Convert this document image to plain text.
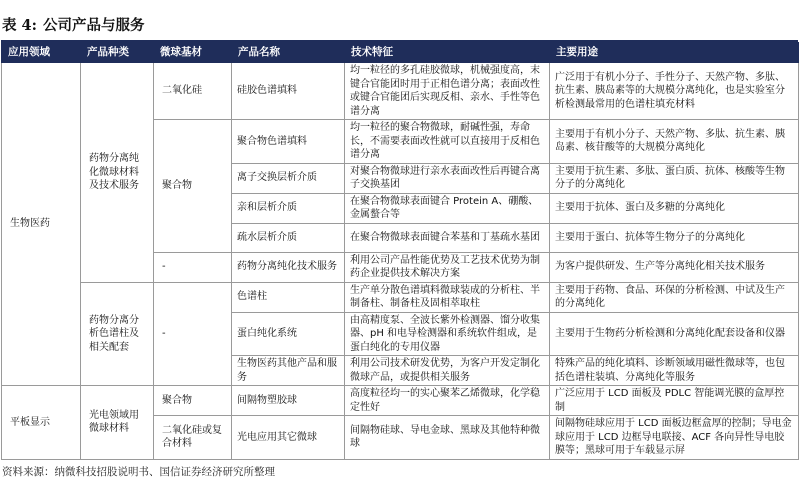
表 4: 公司产品与服务
应用领域	产品种类	微球基材	产品名称	技术特征	主要用途
生物医药	药物分离纯化微球材料及技术服务	二氧化硅	硅胶色谱填料	均一粒径的多孔硅胶微球，机械强度高，末键合官能团时用于正相色谱分离；表面改性或键合官能团后实现反相、亲水、手性等色谱分离	广泛用于有机小分子、手性分子、天然产物、多肽、抗生素、胰岛素等的大规模分离纯化，也是实验室分析检测最常用的色谱柱填充材料
		聚合物	聚合物色谱填料	均一粒径的聚合物微球，耐碱性强，寿命长，不需要表面改性就可以直接用于反相色谱分离	主要用于有机小分子、天然产物、多肽、抗生素、胰岛素、核苷酸等的大规模分离纯化
			离子交换层析介质	对聚合物微球进行亲水表面改性后再键合离子交换基团	主要用于抗生素、多肽、蛋白质、抗体、核酸等生物分子的分离纯化
			亲和层析介质	在聚合物微球表面键合 Protein A、硼酸、金属螯合等	主要用于抗体、蛋白及多糖的分离纯化
			疏水层析介质	在聚合物微球表面键合苯基和丁基疏水基团	主要用于蛋白、抗体等生物分子的分离纯化
		-	药物分离纯化技术服务	利用公司产品性能优势及工艺技术优势为制药企业提供技术解决方案	为客户提供研发、生产等分离纯化相关技术服务
	药物分离分析色谱柱及相关配套	-	色谱柱	生产单分散色谱填料微球装成的分析柱、半制备柱、制备柱及固相萃取柱	主要用于药物、食品、环保的分析检测、中试及生产的分离纯化
			蛋白纯化系统	由高精度泵、全波长紫外检测器、馏分收集器、pH 和电导检测器和系统软件组成，是蛋白纯化的专用仪器	主要用于生物药分析检测和分离纯化配套设备和仪器
			生物医药其他产品和服务	利用公司技术研发优势，为客户开发定制化微球产品，或提供相关服务	特殊产品的纯化填料、诊断领域用磁性微球等，也包括色谱柱装填、分离纯化等服务
平板显示	光电领域用微球材料	聚合物	间隔物塑胶球	高度粒径均一的实心聚苯乙烯微球，化学稳定性好	广泛应用于 LCD 面板及 PDLC 智能调光膜的盒厚控制
		二氧化硅或复合材料	光电应用其它微球	间隔物硅球、导电金球、黑球及其他特种微球	间隔物硅球应用于 LCD 面板边框盒厚的控制；导电金球应用于 LCD 边框导电联接、ACF 各向异性导电胶膜等；黑球可用于车载显示屏
资料来源：纳微科技招股说明书、国信证券经济研究所整理
